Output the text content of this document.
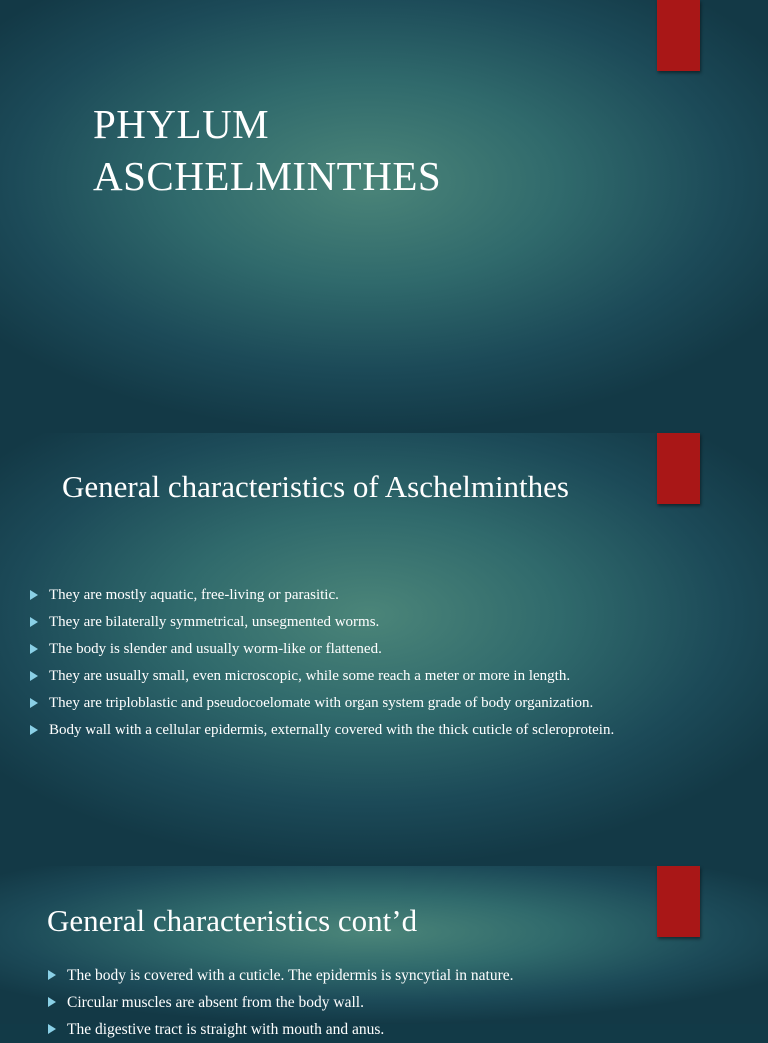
PHYLUM
ASCHELMINTHES
General characteristics of Aschelminthes
They are mostly aquatic, free-living or parasitic.
They are bilaterally symmetrical, unsegmented worms.
The body is slender and usually worm-like or flattened.
They are usually small, even microscopic, while some reach a meter or more in length.
They are triploblastic and pseudocoelomate with organ system grade of body organization.
Body wall with a cellular epidermis, externally covered with the thick cuticle of scleroprotein.
General characteristics cont’d
The body is covered with a cuticle. The epidermis is syncytial in nature.
Circular muscles are absent from the body wall.
The digestive tract is straight with mouth and anus.
